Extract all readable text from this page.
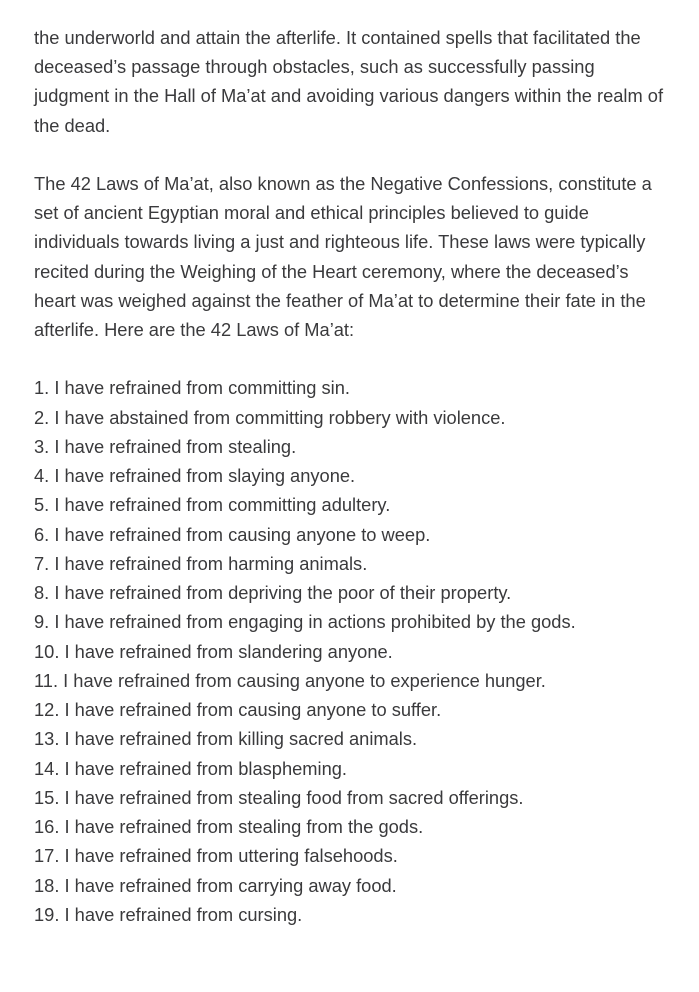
the underworld and attain the afterlife. It contained spells that facilitated the deceased’s passage through obstacles, such as successfully passing judgment in the Hall of Ma’at and avoiding various dangers within the realm of the dead.

The 42 Laws of Ma’at, also known as the Negative Confessions, constitute a set of ancient Egyptian moral and ethical principles believed to guide individuals towards living a just and righteous life. These laws were typically recited during the Weighing of the Heart ceremony, where the deceased’s heart was weighed against the feather of Ma’at to determine their fate in the afterlife. Here are the 42 Laws of Ma’at:

1. I have refrained from committing sin.
2. I have abstained from committing robbery with violence.
3. I have refrained from stealing.
4. I have refrained from slaying anyone.
5. I have refrained from committing adultery.
6. I have refrained from causing anyone to weep.
7. I have refrained from harming animals.
8. I have refrained from depriving the poor of their property.
9. I have refrained from engaging in actions prohibited by the gods.
10. I have refrained from slandering anyone.
11. I have refrained from causing anyone to experience hunger.
12. I have refrained from causing anyone to suffer.
13. I have refrained from killing sacred animals.
14. I have refrained from blaspheming.
15. I have refrained from stealing food from sacred offerings.
16. I have refrained from stealing from the gods.
17. I have refrained from uttering falsehoods.
18. I have refrained from carrying away food.
19. I have refrained from cursing.
